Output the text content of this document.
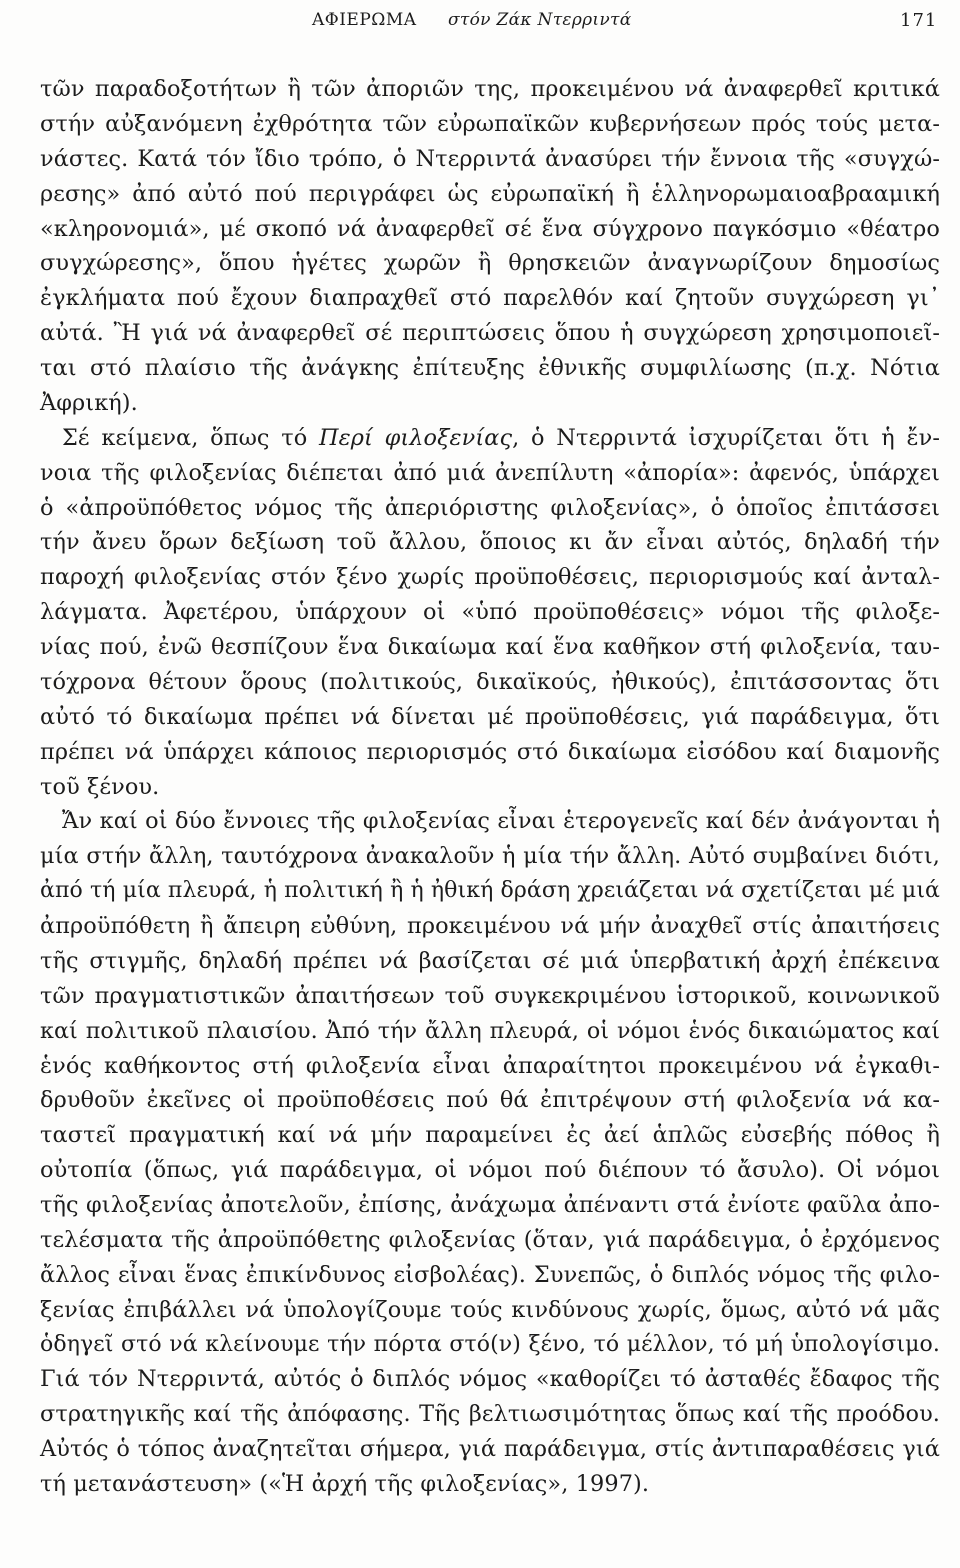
ΑΦΙΕΡΩΜΑ στόν Ζάκ Ντερριντά	171
τῶν παραδοξοτήτων ἢ τῶν ἀποριῶν της, προκειμένου νά ἀναφερθεῖ κριτικά
στήν αὐξανόμενη ἐχθρότητα τῶν εὐρωπαϊκῶν κυβερνήσεων πρός τούς μετα-
νάστες. Κατά τόν ἴδιο τρόπο, ὁ Ντερριντά ἀνασύρει τήν ἔννοια τῆς «συγχώ-
ρεσης» ἀπό αὐτό πού περιγράφει ὡς εὐρωπαϊκή ἢ ἑλληνορωμαιοαβρααμική
«κληρονομιά», μέ σκοπό νά ἀναφερθεῖ σέ ἕνα σύγχρονο παγκόσμιο «θέατρο
συγχώρεσης», ὅπου ἡγέτες χωρῶν ἢ θρησκειῶν ἀναγνωρίζουν δημοσίως
ἐγκλήματα πού ἔχουν διαπραχθεῖ στό παρελθόν καί ζητοῦν συγχώρεση γι᾽
αὐτά. Ἢ γιά νά ἀναφερθεῖ σέ περιπτώσεις ὅπου ἡ συγχώρεση χρησιμοποιεῖ-
ται στό πλαίσιο τῆς ἀνάγκης ἐπίτευξης ἐθνικῆς συμφιλίωσης (π.χ. Νότια
Ἀφρική).
Σέ κείμενα, ὅπως τό Περί φιλοξενίας, ὁ Ντερριντά ἰσχυρίζεται ὅτι ἡ ἔν-
νοια τῆς φιλοξενίας διέπεται ἀπό μιά ἀνεπίλυτη «ἀπορία»: ἀφενός, ὑπάρχει
ὁ «ἀπροϋπόθετος νόμος τῆς ἀπεριόριστης φιλοξενίας», ὁ ὁποῖος ἐπιτάσσει
τήν ἄνευ ὅρων δεξίωση τοῦ ἄλλου, ὅποιος κι ἄν εἶναι αὐτός, δηλαδή τήν
παροχή φιλοξενίας στόν ξένο χωρίς προϋποθέσεις, περιορισμούς καί ἀνταλ-
λάγματα. Ἀφετέρου, ὑπάρχουν οἱ «ὑπό προϋποθέσεις» νόμοι τῆς φιλοξε-
νίας πού, ἐνῶ θεσπίζουν ἕνα δικαίωμα καί ἕνα καθῆκον στή φιλοξενία, ταυ-
τόχρονα θέτουν ὅρους (πολιτικούς, δικαϊκούς, ἠθικούς), ἐπιτάσσοντας ὅτι
αὐτό τό δικαίωμα πρέπει νά δίνεται μέ προϋποθέσεις, γιά παράδειγμα, ὅτι
πρέπει νά ὑπάρχει κάποιος περιορισμός στό δικαίωμα εἰσόδου καί διαμονῆς
τοῦ ξένου.
Ἄν καί οἱ δύο ἔννοιες τῆς φιλοξενίας εἶναι ἑτερογενεῖς καί δέν ἀνάγονται ἡ
μία στήν ἄλλη, ταυτόχρονα ἀνακαλοῦν ἡ μία τήν ἄλλη. Αὐτό συμβαίνει διότι,
ἀπό τή μία πλευρά, ἡ πολιτική ἢ ἡ ἠθική δράση χρειάζεται νά σχετίζεται μέ μιά
ἀπροϋπόθετη ἢ ἄπειρη εὐθύνη, προκειμένου νά μήν ἀναχθεῖ στίς ἀπαιτήσεις
τῆς στιγμῆς, δηλαδή πρέπει νά βασίζεται σέ μιά ὑπερβατική ἀρχή ἐπέκεινα
τῶν πραγματιστικῶν ἀπαιτήσεων τοῦ συγκεκριμένου ἱστορικοῦ, κοινωνικοῦ
καί πολιτικοῦ πλαισίου. Ἀπό τήν ἄλλη πλευρά, οἱ νόμοι ἑνός δικαιώματος καί
ἑνός καθήκοντος στή φιλοξενία εἶναι ἀπαραίτητοι προκειμένου νά ἐγκαθι-
δρυθοῦν ἐκεῖνες οἱ προϋποθέσεις πού θά ἐπιτρέψουν στή φιλοξενία νά κα-
ταστεῖ πραγματική καί νά μήν παραμείνει ἐς ἀεί ἁπλῶς εὐσεβής πόθος ἢ
οὐτοπία (ὅπως, γιά παράδειγμα, οἱ νόμοι πού διέπουν τό ἄσυλο). Οἱ νόμοι
τῆς φιλοξενίας ἀποτελοῦν, ἐπίσης, ἀνάχωμα ἀπέναντι στά ἐνίοτε φαῦλα ἀπο-
τελέσματα τῆς ἀπροϋπόθετης φιλοξενίας (ὅταν, γιά παράδειγμα, ὁ ἐρχόμενος
ἄλλος εἶναι ἕνας ἐπικίνδυνος εἰσβολέας). Συνεπῶς, ὁ διπλός νόμος τῆς φιλο-
ξενίας ἐπιβάλλει νά ὑπολογίζουμε τούς κινδύνους χωρίς, ὅμως, αὐτό νά μᾶς
ὁδηγεῖ στό νά κλείνουμε τήν πόρτα στό(ν) ξένο, τό μέλλον, τό μή ὑπολογίσιμο.
Γιά τόν Ντερριντά, αὐτός ὁ διπλός νόμος «καθορίζει τό ἀσταθές ἔδαφος τῆς
στρατηγικῆς καί τῆς ἀπόφασης. Τῆς βελτιωσιμότητας ὅπως καί τῆς προόδου.
Αὐτός ὁ τόπος ἀναζητεῖται σήμερα, γιά παράδειγμα, στίς ἀντιπαραθέσεις γιά
τή μετανάστευση» («Ἡ ἀρχή τῆς φιλοξενίας», 1997).
